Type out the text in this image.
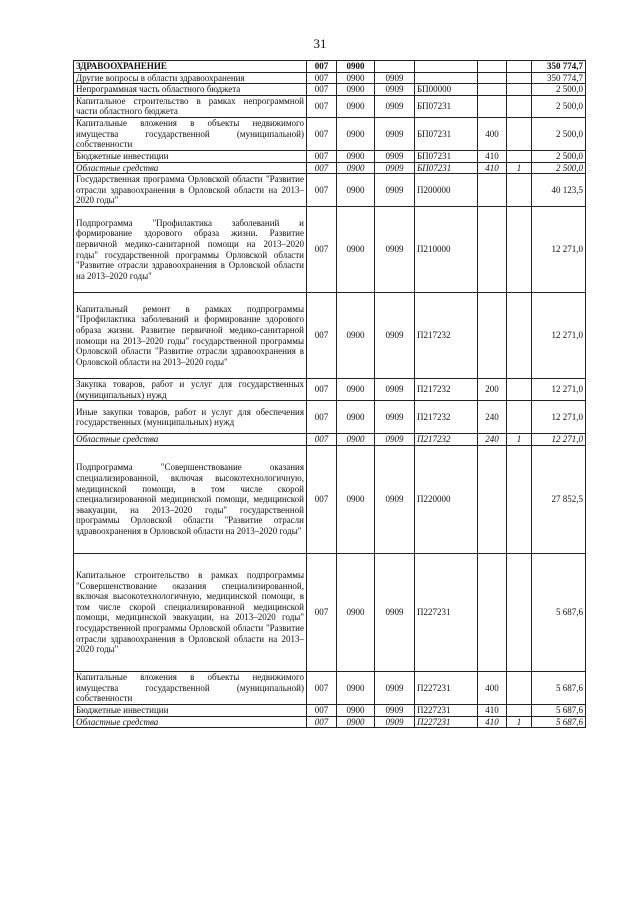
31
ЗДРАВООХРАНЕНИЕ	007	0900					350 774,7
Другие вопросы в области здравоохранения	007	0900	0909				350 774,7
Непрограммная часть областного бюджета	007	0900	0909	БП00000			2 500,0
Капитальное строительство в рамках непрограммной части областного бюджета	007	0900	0909	БП07231			2 500,0
Капитальные вложения в объекты недвижимого имущества государственной (муниципальной) собственности	007	0900	0909	БП07231	400		2 500,0
Бюджетные инвестиции	007	0900	0909	БП07231	410		2 500,0
Областные средства	007	0900	0909	БП07231	410	1	2 500,0
Государственная программа Орловской области "Развитие отрасли здравоохранения в Орловской области на 2013–2020 годы"	007	0900	0909	П200000			40 123,5
Подпрограмма "Профилактика заболеваний и формирование здорового образа жизни. Развитие первичной медико-санитарной помощи на 2013–2020 годы" государственной программы Орловской области "Развитие отрасли здравоохранения в Орловской области на 2013–2020 годы"	007	0900	0909	П210000			12 271,0
Капитальный ремонт в рамках подпрограммы "Профилактика заболеваний и формирование здорового образа жизни. Развитие первичной медико-санитарной помощи на 2013–2020 годы" государственной программы Орловской области "Развитие отрасли здравоохранения в Орловской области на 2013–2020 годы"	007	0900	0909	П217232			12 271,0
Закупка товаров, работ и услуг для государственных (муниципальных) нужд	007	0900	0909	П217232	200		12 271,0
Иные закупки товаров, работ и услуг для обеспечения государственных (муниципальных) нужд	007	0900	0909	П217232	240		12 271,0
Областные средства	007	0900	0909	П217232	240	1	12 271,0
Подпрограмма "Совершенствование оказания специализированной, включая высокотехнологичную, медицинской помощи, в том числе скорой специализированной медицинской помощи, медицинской эвакуации, на 2013–2020 годы" государственной программы Орловской области "Развитие отрасли здравоохранения в Орловской области на 2013–2020 годы"	007	0900	0909	П220000			27 852,5
Капитальное строительство в рамках подпрограммы "Совершенствование оказания специализированной, включая высокотехнологичную, медицинской помощи, в том числе скорой специализированной медицинской помощи, медицинской эвакуации, на 2013–2020 годы" государственной программы Орловской области "Развитие отрасли здравоохранения в Орловской области на 2013–2020 годы"	007	0900	0909	П227231			5 687,6
Капитальные вложения в объекты недвижимого имущества государственной (муниципальной) собственности	007	0900	0909	П227231	400		5 687,6
Бюджетные инвестиции	007	0900	0909	П227231	410		5 687,6
Областные средства	007	0900	0909	П227231	410	1	5 687,6
